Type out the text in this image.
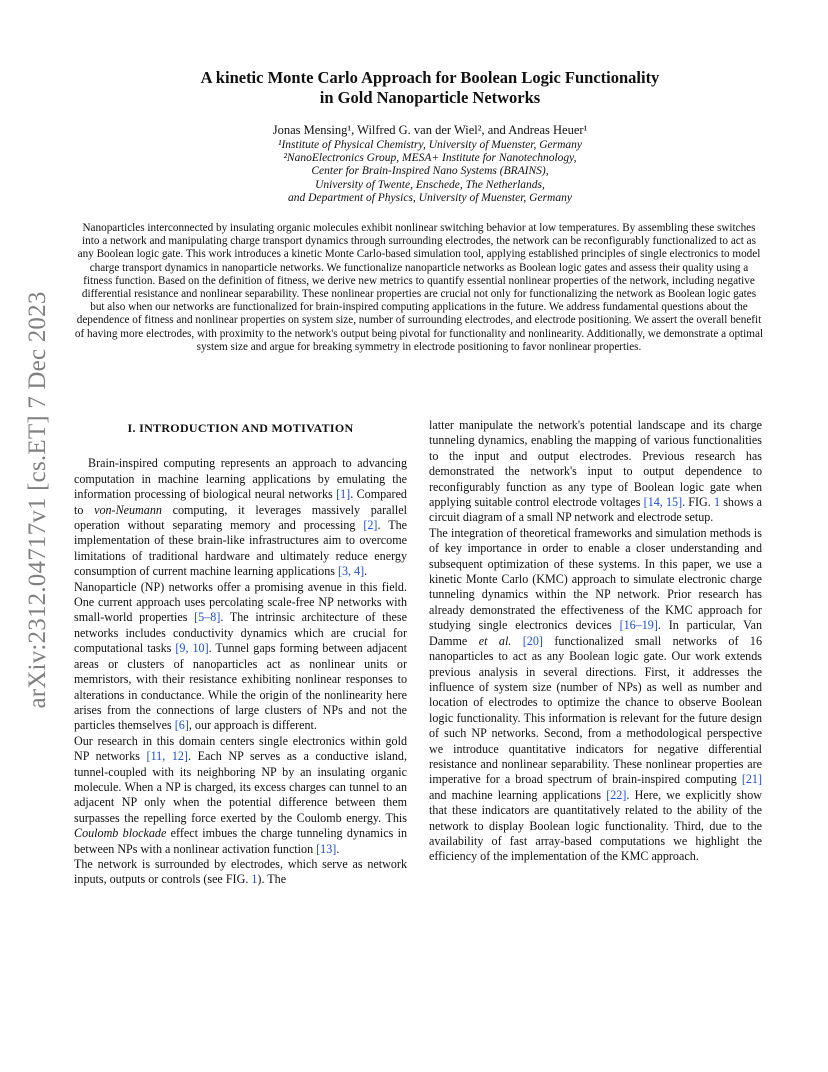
arXiv:2312.04717v1 [cs.ET] 7 Dec 2023
A kinetic Monte Carlo Approach for Boolean Logic Functionality
in Gold Nanoparticle Networks
Jonas Mensing¹, Wilfred G. van der Wiel², and Andreas Heuer¹
¹Institute of Physical Chemistry, University of Muenster, Germany
²NanoElectronics Group, MESA+ Institute for Nanotechnology,
Center for Brain-Inspired Nano Systems (BRAINS),
University of Twente, Enschede, The Netherlands,
and Department of Physics, University of Muenster, Germany
Nanoparticles interconnected by insulating organic molecules exhibit nonlinear switching behavior at low temperatures. By assembling these switches into a network and manipulating charge transport dynamics through surrounding electrodes, the network can be reconfigurably functionalized to act as any Boolean logic gate. This work introduces a kinetic Monte Carlo-based simulation tool, applying established principles of single electronics to model charge transport dynamics in nanoparticle networks. We functionalize nanoparticle networks as Boolean logic gates and assess their quality using a fitness function. Based on the definition of fitness, we derive new metrics to quantify essential nonlinear properties of the network, including negative differential resistance and nonlinear separability. These nonlinear properties are crucial not only for functionalizing the network as Boolean logic gates but also when our networks are functionalized for brain-inspired computing applications in the future. We address fundamental questions about the dependence of fitness and nonlinear properties on system size, number of surrounding electrodes, and electrode positioning. We assert the overall benefit of having more electrodes, with proximity to the network's output being pivotal for functionality and nonlinearity. Additionally, we demonstrate a optimal system size and argue for breaking symmetry in electrode positioning to favor nonlinear properties.
I. INTRODUCTION AND MOTIVATION

Brain-inspired computing represents an approach to advancing computation in machine learning applications by emulating the information processing of biological neural networks [1]. Compared to von-Neumann computing, it leverages massively parallel operation without separating memory and processing [2]. The implementation of these brain-like infrastructures aim to overcome limitations of traditional hardware and ultimately reduce energy consumption of current machine learning applications [3, 4].

Nanoparticle (NP) networks offer a promising avenue in this field. One current approach uses percolating scale-free NP networks with small-world properties [5–8]. The intrinsic architecture of these networks includes conductivity dynamics which are crucial for computational tasks [9, 10]. Tunnel gaps forming between adjacent areas or clusters of nanoparticles act as nonlinear units or memristors, with their resistance exhibiting nonlinear responses to alterations in conductance. While the origin of the nonlinearity here arises from the connections of large clusters of NPs and not the particles themselves [6], our approach is different.

Our research in this domain centers single electronics within gold NP networks [11, 12]. Each NP serves as a conductive island, tunnel-coupled with its neighboring NP by an insulating organic molecule. When a NP is charged, its excess charges can tunnel to an adjacent NP only when the potential difference between them surpasses the repelling force exerted by the Coulomb energy. This Coulomb blockade effect imbues the charge tunneling dynamics in between NPs with a nonlinear activation function [13].

The network is surrounded by electrodes, which serve as network inputs, outputs or controls (see FIG. 1). The

latter manipulate the network's potential landscape and its charge tunneling dynamics, enabling the mapping of various functionalities to the input and output electrodes. Previous research has demonstrated the network's input to output dependence to reconfigurably function as any type of Boolean logic gate when applying suitable control electrode voltages [14, 15]. FIG. 1 shows a circuit diagram of a small NP network and electrode setup.

The integration of theoretical frameworks and simulation methods is of key importance in order to enable a closer understanding and subsequent optimization of these systems. In this paper, we use a kinetic Monte Carlo (KMC) approach to simulate electronic charge tunneling dynamics within the NP network. Prior research has already demonstrated the effectiveness of the KMC approach for studying single electronics devices [16–19]. In particular, Van Damme et al. [20] functionalized small networks of 16 nanoparticles to act as any Boolean logic gate. Our work extends previous analysis in several directions. First, it addresses the influence of system size (number of NPs) as well as number and location of electrodes to optimize the chance to observe Boolean logic functionality. This information is relevant for the future design of such NP networks. Second, from a methodological perspective we introduce quantitative indicators for negative differential resistance and nonlinear separability. These nonlinear properties are imperative for a broad spectrum of brain-inspired computing [21] and machine learning applications [22]. Here, we explicitly show that these indicators are quantitatively related to the ability of the network to display Boolean logic functionality. Third, due to the availability of fast array-based computations we highlight the efficiency of the implementation of the KMC approach.
